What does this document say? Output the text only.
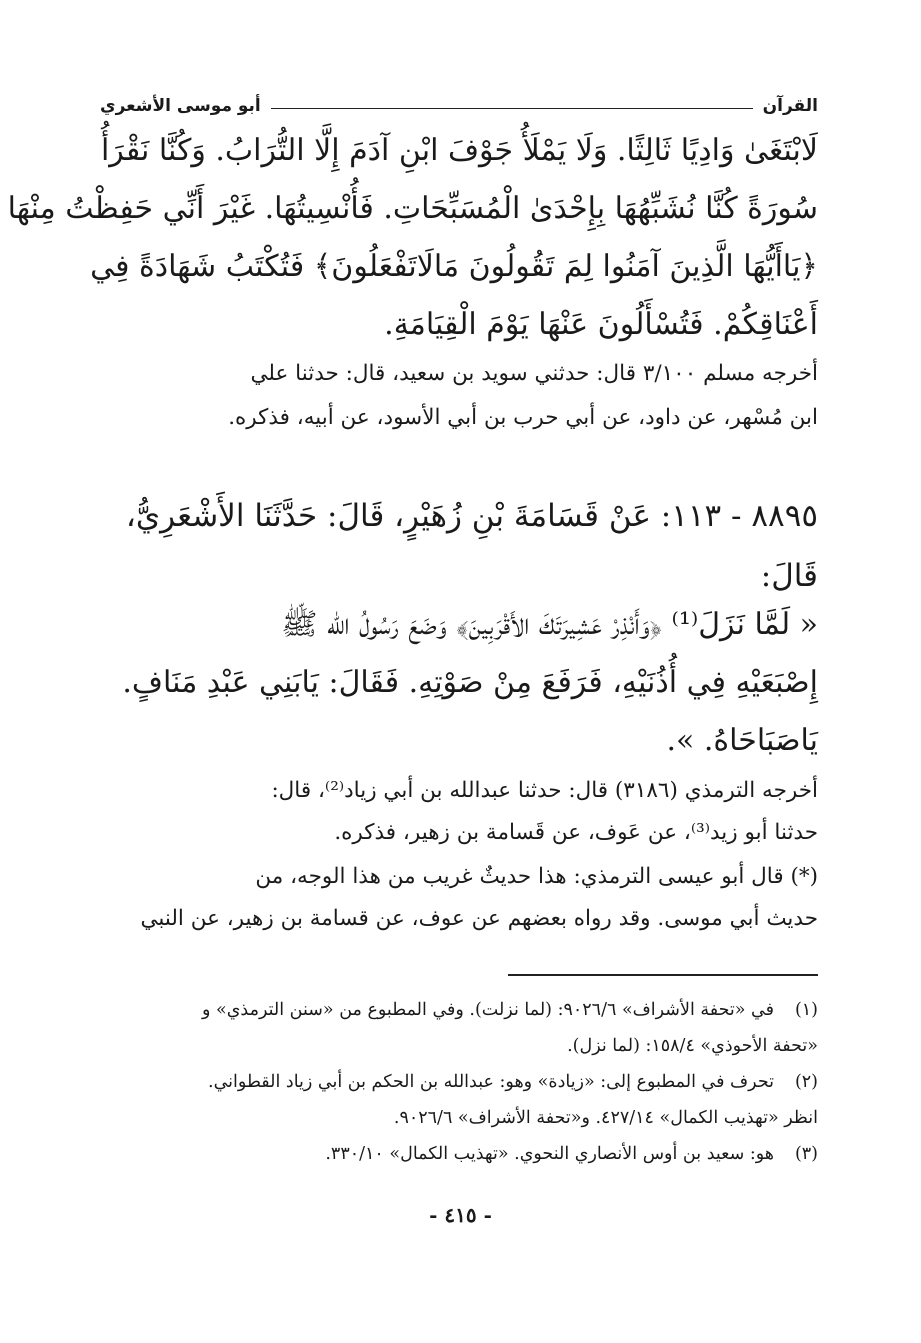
القرآن
أبو موسى الأشعري
لَابْتَغَىٰ وَادِيًا ثَالِثًا. وَلَا يَمْلَأُ جَوْفَ ابْنِ آدَمَ إِلَّا التُّرَابُ. وَكُنَّا نَقْرَأُ
سُورَةً كُنَّا نُشَبِّهُهَا بِإِحْدَىٰ الْمُسَبِّحَاتِ. فَأُنْسِيتُهَا. غَيْرَ أَنِّي حَفِظْتُ مِنْهَا
﴿يَاأَيُّهَا الَّذِينَ آمَنُوا لِمَ تَقُولُونَ مَالَاتَفْعَلُونَ﴾ فَتُكْتَبُ شَهَادَةً فِي
أَعْنَاقِكُمْ. فَتُسْأَلُونَ عَنْهَا يَوْمَ الْقِيَامَةِ.
أخرجه مسلم ٣/١٠٠ قال: حدثني سويد بن سعيد، قال: حدثنا علي
ابن مُسْهر، عن داود، عن أبي حرب بن أبي الأسود، عن أبيه، فذكره.
٨٨٩٥ - ١١٣: عَنْ قَسَامَةَ بْنِ زُهَيْرٍ، قَالَ: حَدَّثَنَا الأَشْعَرِيُّ،
قَالَ:
« لَمَّا نَزَلَ⁽¹⁾ ﴿وَأَنْذِرْ عَشِيرَتَكَ الأَقْرَبِينَ﴾ وَضَعَ رَسُولُ الله ﷺ
إِصْبَعَيْهِ فِي أُذُنَيْهِ، فَرَفَعَ مِنْ صَوْتِهِ. فَقَالَ: يَابَنِي عَبْدِ مَنَافٍ.
يَاصَبَاحَاهُ. ».
أخرجه الترمذي (٣١٨٦) قال: حدثنا عبدالله بن أبي زياد⁽²⁾، قال:
حدثنا أبو زيد⁽³⁾، عن عَوف، عن قَسامة بن زهير، فذكره.
(*) قال أبو عيسى الترمذي: هذا حديثٌ غريب من هذا الوجه، من
حديث أبي موسى. وقد رواه بعضهم عن عوف، عن قسامة بن زهير، عن النبي
(١)
في «تحفة الأشراف» ٩٠٢٦/٦: (لما نزلت). وفي المطبوع من «سنن الترمذي» و
«تحفة الأحوذي» ١٥٨/٤: (لما نزل).
(٢)
تحرف في المطبوع إلى: «زيادة» وهو: عبدالله بن الحكم بن أبي زياد القطواني.
انظر «تهذيب الكمال» ٤٢٧/١٤. و«تحفة الأشراف» ٩٠٢٦/٦.
(٣)
هو: سعيد بن أوس الأنصاري النحوي. «تهذيب الكمال» ٣٣٠/١٠.
- ٤١٥ -
